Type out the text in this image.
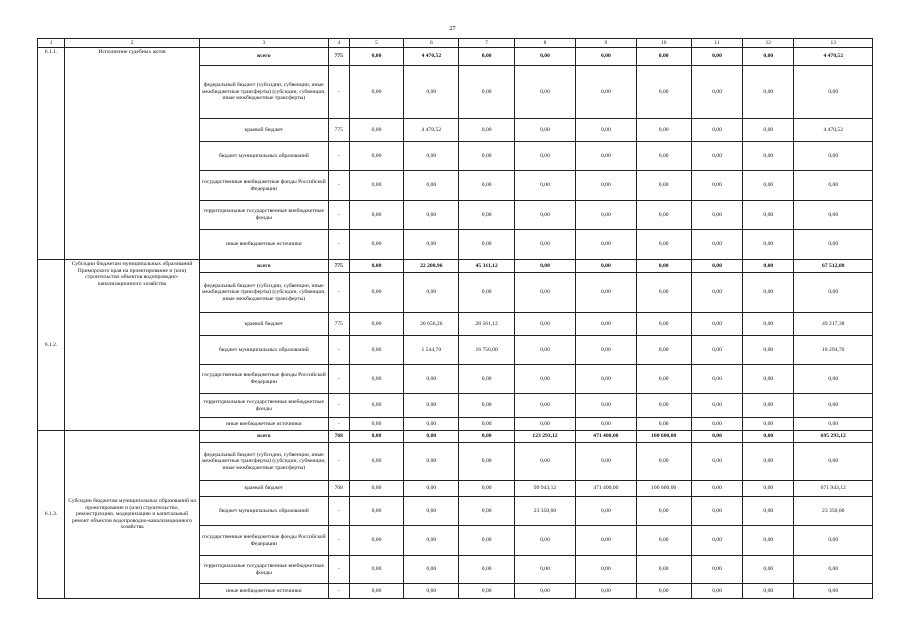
27
1	2	3	4	5	6	7	8	9	10	11	12	13
6.1.1.	Исполнение судебных актов	всего	775	0,00	4 470,52	0,00	0,00	0,00	0,00	0,00	0,00	4 470,52
		федеральный бюджет (субсидии, субвенции, иные межбюджетные трансферты) (субсидии, субвенции, иные межбюджетные трансферты)	-	0,00	0,00	0,00	0,00	0,00	0,00	0,00	0,00	0,00
		краевой бюджет	775	0,00	4 470,52	0,00	0,00	0,00	0,00	0,00	0,00	4 470,52
		бюджет муниципальных образований	-	0,00	0,00	0,00	0,00	0,00	0,00	0,00	0,00	0,00
		государственные внебюджетные фонды Российской Федерации	-	0,00	0,00	0,00	0,00	0,00	0,00	0,00	0,00	0,00
		территориальные государственные внебюджетные фонды	-	0,00	0,00	0,00	0,00	0,00	0,00	0,00	0,00	0,00
		иные внебюджетные источники	-	0,00	0,00	0,00	0,00	0,00	0,00	0,00	0,00	0,00
6.1.2.	Субсидии бюджетам муниципальных образований Приморского края на проектирование и (или) строительство объектов водопроводно-канализационного хозяйства	всего	775	0,00	22 200,96	45 311,12	0,00	0,00	0,00	0,00	0,00	67 512,08
		федеральный бюджет (субсидии, субвенции, иные межбюджетные трансферты) (субсидии, субвенции, иные межбюджетные трансферты)	-	0,00	0,00	0,00	0,00	0,00	0,00	0,00	0,00	0,00
		краевой бюджет	775	0,00	20 656,26	28 561,12	0,00	0,00	0,00	0,00	0,00	49 217,38
		бюджет муниципальных образований	-	0,00	1 544,70	16 750,00	0,00	0,00	0,00	0,00	0,00	18 294,70
		государственные внебюджетные фонды Российской Федерации	-	0,00	0,00	0,00	0,00	0,00	0,00	0,00	0,00	0,00
		территориальные государственные внебюджетные фонды	-	0,00	0,00	0,00	0,00	0,00	0,00	0,00	0,00	0,00
		иные внебюджетные источники	-	0,00	0,00	0,00	0,00	0,00	0,00	0,00	0,00	0,00
6.1.3.	Субсидии бюджетам муниципальных образований на проектирование и (или) строительство, реконструкцию, модернизацию и капитальный ремонт объектов водопроводно-канализационного хозяйства	всего	768	0,00	0,00	0,00	123 293,12	471 400,00	100 600,00	0,00	0,00	695 293,12
		федеральный бюджет (субсидии, субвенции, иные межбюджетные трансферты) (субсидии, субвенции, иные межбюджетные трансферты)	-	0,00	0,00	0,00	0,00	0,00	0,00	0,00	0,00	0,00
		краевой бюджет	768	0,00	0,00	0,00	99 943,12	471 400,00	100 600,00	0,00	0,00	671 943,12
		бюджет муниципальных образований	-	0,00	0,00	0,00	23 350,00	0,00	0,00	0,00	0,00	23 350,00
		государственные внебюджетные фонды Российской Федерации	-	0,00	0,00	0,00	0,00	0,00	0,00	0,00	0,00	0,00
		территориальные государственные внебюджетные фонды	-	0,00	0,00	0,00	0,00	0,00	0,00	0,00	0,00	0,00
		иные внебюджетные источники	-	0,00	0,00	0,00	0,00	0,00	0,00	0,00	0,00	0,00
